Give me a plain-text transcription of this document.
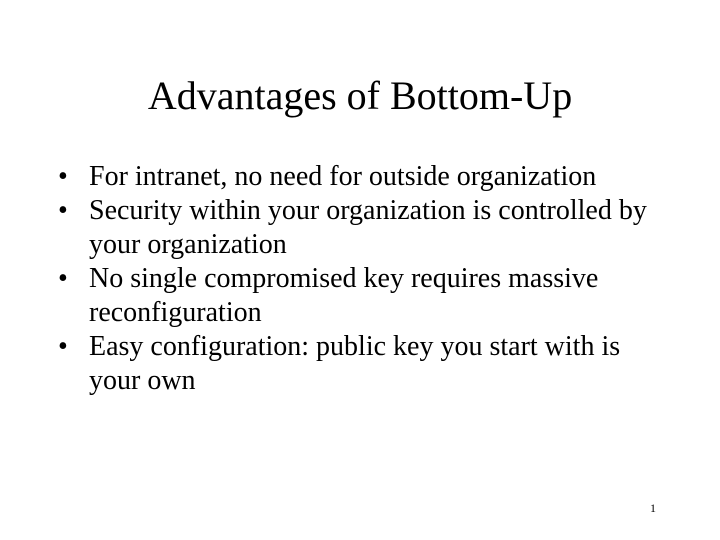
Advantages of Bottom-Up
• For intranet, no need for outside organization
• Security within your organization is controlled by your organization
• No single compromised key requires massive reconfiguration
• Easy configuration: public key you start with is your own
1
